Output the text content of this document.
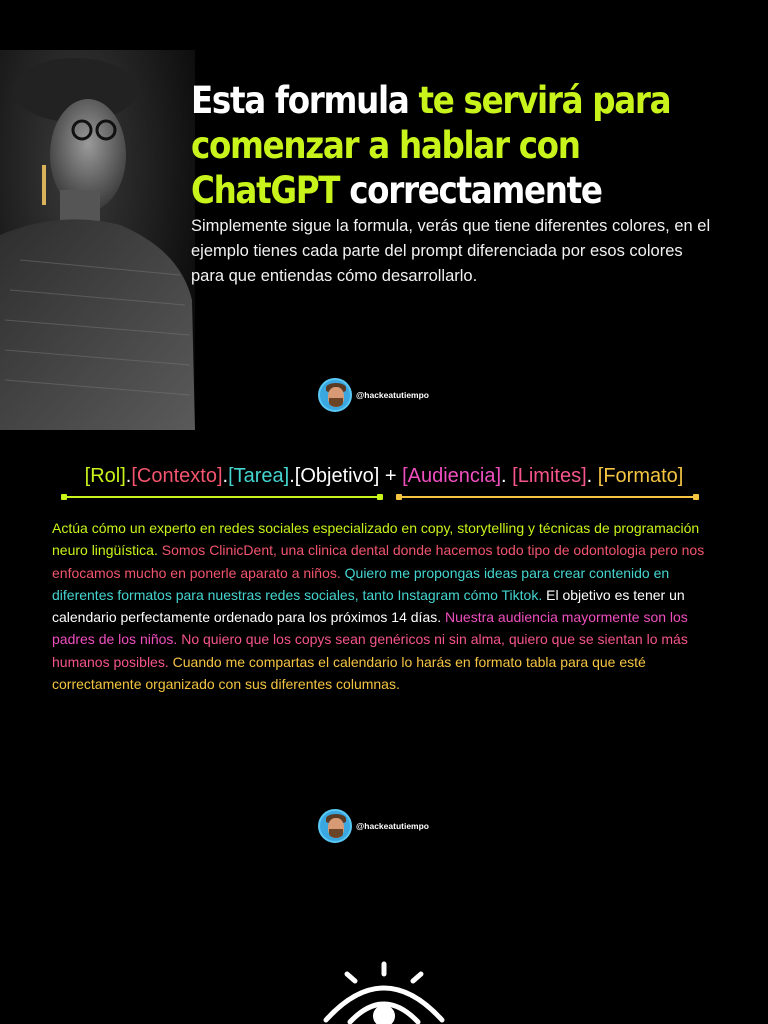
Esta formula te servirá para comenzar a hablar con ChatGPT correctamente

Simplemente sigue la formula, verás que tiene diferentes colores, en el ejemplo tienes cada parte del prompt diferenciada por esos colores para que entiendas cómo desarrollarlo.

@hackeatutiempo
[Rol].[Contexto].[Tarea].[Objetivo] + [Audiencia]. [Limites]. [Formato]

Actúa cómo un experto en redes sociales especializado en copy, storytelling y técnicas de programación neuro lingüística. Somos ClinicDent, una clinica dental donde hacemos todo tipo de odontologia pero nos enfocamos mucho en ponerle aparato a niños. Quiero me propongas ideas para crear contenido en diferentes formatos para nuestras redes sociales, tanto Instagram cómo Tiktok. El objetivo es tener un calendario perfectamente ordenado para los próximos 14 días. Nuestra audiencia mayormente son los padres de los niños. No quiero que los copys sean genéricos ni sin alma, quiero que se sientan lo más humanos posibles. Cuando me compartas el calendario lo harás en formato tabla para que esté correctamente organizado con sus diferentes columnas.

@hackeatutiempo
